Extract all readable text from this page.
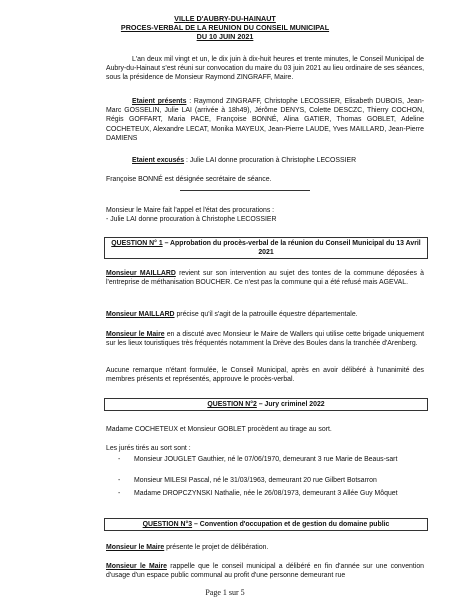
VILLE D'AUBRY-DU-HAINAUT
PROCES-VERBAL DE LA REUNION DU CONSEIL MUNICIPAL
DU 10 JUIN 2021
L'an deux mil vingt et un, le dix juin à dix-huit heures et trente minutes, le Conseil Municipal de Aubry-du-Hainaut s'est réuni sur convocation du maire du 03 juin 2021 au lieu ordinaire de ses séances, sous la présidence de Monsieur Raymond ZINGRAFF, Maire.
Etaient présents : Raymond ZINGRAFF, Christophe LECOSSIER, Elisabeth DUBOIS, Jean-Marc GOSSELIN, Julie LAI (arrivée à 18h49), Jérôme DENYS, Colette DESCZC, Thierry COCHON, Régis GOFFART, Maria PACE, Françoise BONNÉ, Alina GATIER, Thomas GOBLET, Adeline COCHETEUX, Alexandre LECAT, Monika MAYEUX, Jean-Pierre LAUDE, Yves MAILLARD, Jean-Pierre DAMIENS
Etaient excusés : Julie LAI donne procuration à Christophe LECOSSIER
Françoise BONNÉ est désignée secrétaire de séance.
Monsieur le Maire fait l'appel et l'état des procurations :
- Julie LAI donne procuration à Christophe LECOSSIER
QUESTION N° 1 – Approbation du procès-verbal de la réunion du Conseil Municipal du 13 Avril 2021
Monsieur MAILLARD revient sur son intervention au sujet des tontes de la commune déposées à l'entreprise de méthanisation BOUCHER. Ce n'est pas la commune qui a été refusé mais AGEVAL.
Monsieur MAILLARD précise qu'il s'agit de la patrouille équestre départementale.
Monsieur le Maire en a discuté avec Monsieur le Maire de Wallers qui utilise cette brigade uniquement sur les lieux touristiques très fréquentés notamment la Drève des Boules dans la tranchée d'Arenberg.
Aucune remarque n'étant formulée, le Conseil Municipal, après en avoir délibéré à l'unanimité des membres présents et représentés, approuve le procès-verbal.
QUESTION N°2 – Jury criminel 2022
Madame COCHETEUX et Monsieur GOBLET procèdent au tirage au sort.
Les jurés tirés au sort sont :
- Monsieur JOUGLET Gauthier, né le 07/06/1970, demeurant 3 rue Marie de Beaus-sart
- Monsieur MILESI Pascal, né le 31/03/1963, demeurant 20 rue Gilbert Botsarron
- Madame DROPCZYNSKI Nathalie, née le 26/08/1973, demeurant 3 Allée Guy Môquet
QUESTION N°3 – Convention d'occupation et de gestion du domaine public
Monsieur le Maire présente le projet de délibération.
Monsieur le Maire rappelle que le conseil municipal a délibéré en fin d'année sur une convention d'usage d'un espace public communal au profit d'une personne demeurant rue
Page 1 sur 5
